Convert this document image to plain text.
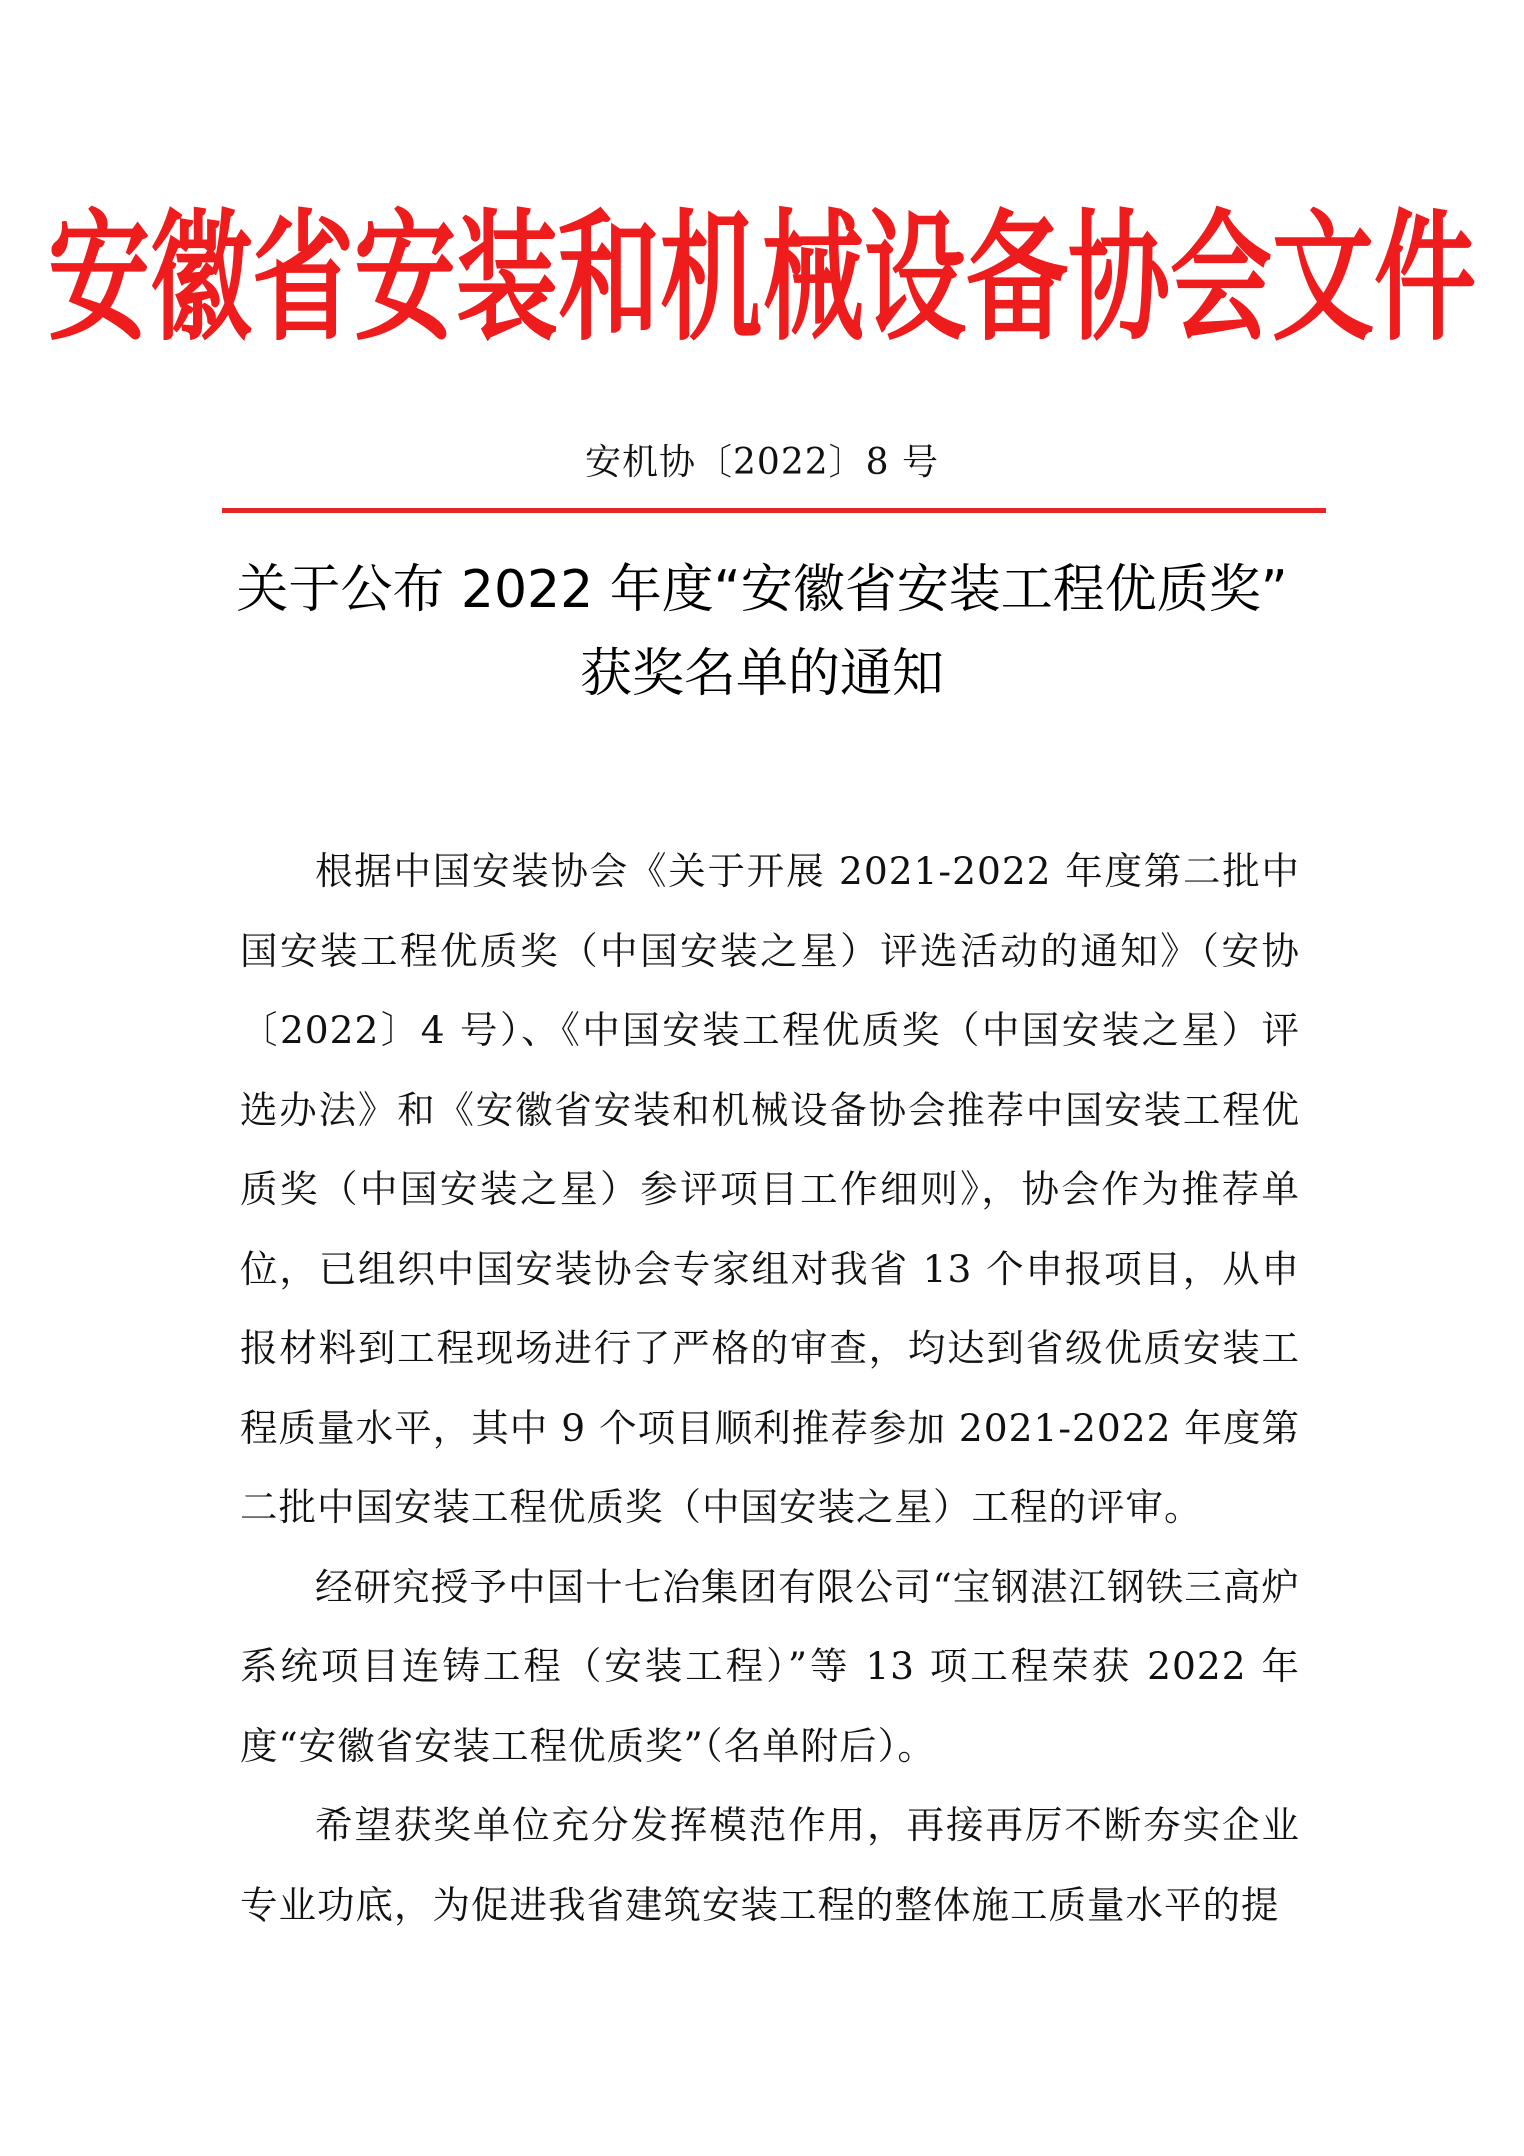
安徽省安装和机械设备协会文件
安机协〔2022〕8 号
关于公布 2022 年度“安徽省安装工程优质奖”
获奖名单的通知

根据中国安装协会《关于开展 2021-2022 年度第二批中国安装工程优质奖（中国安装之星）评选活动的通知》（安协〔2022〕4 号）、《中国安装工程优质奖（中国安装之星）评选办法》和《安徽省安装和机械设备协会推荐中国安装工程优质奖（中国安装之星）参评项目工作细则》，协会作为推荐单位，已组织中国安装协会专家组对我省 13 个申报项目，从申报材料到工程现场进行了严格的审查，均达到省级优质安装工程质量水平，其中 9 个项目顺利推荐参加 2021-2022 年度第二批中国安装工程优质奖（中国安装之星）工程的评审。

经研究授予中国十七冶集团有限公司“宝钢湛江钢铁三高炉系统项目连铸工程（安装工程）”等 13 项工程荣获 2022 年度“安徽省安装工程优质奖”（名单附后）。

希望获奖单位充分发挥模范作用，再接再厉不断夯实企业专业功底，为促进我省建筑安装工程的整体施工质量水平的提
